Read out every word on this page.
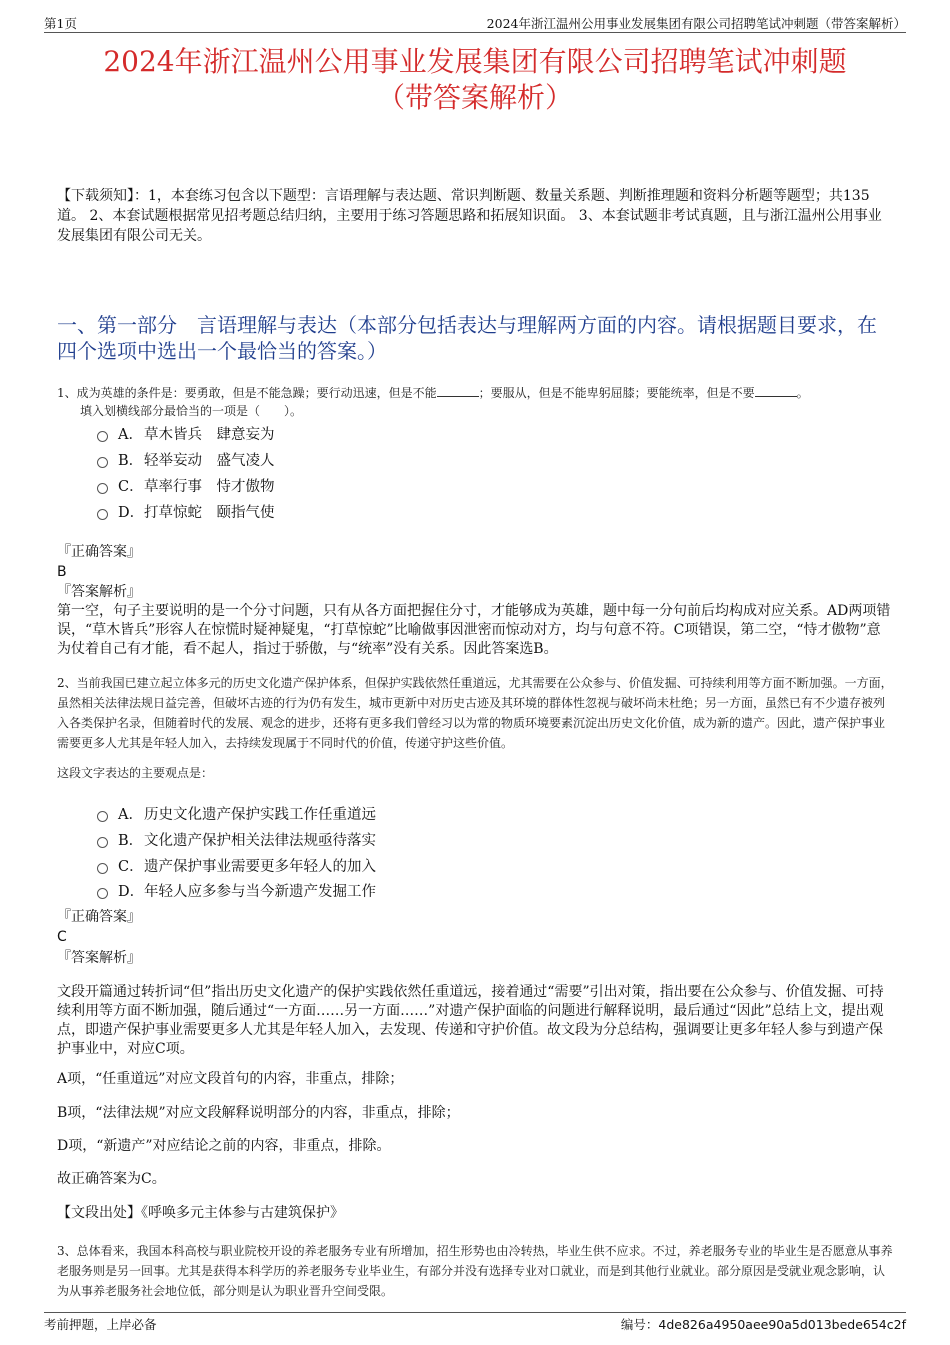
第1页	2024年浙江温州公用事业发展集团有限公司招聘笔试冲刺题（带答案解析）
2024年浙江温州公用事业发展集团有限公司招聘笔试冲刺题
（带答案解析）
【下载须知】：1，本套练习包含以下题型：言语理解与表达题、常识判断题、数量关系题、判断推理题和资料分析题等题型；共135道。 2、本套试题根据常见招考题总结归纳，主要用于练习答题思路和拓展知识面。 3、本套试题非考试真题，且与浙江温州公用事业发展集团有限公司无关。
一、第一部分　言语理解与表达（本部分包括表达与理解两方面的内容。请根据题目要求，在四个选项中选出一个最恰当的答案。）
1、成为英雄的条件是：要勇敢，但是不能急躁；要行动迅速，但是不能	；要服从，但是不能卑躬屈膝；要能统率，但是不要	。
填入划横线部分最恰当的一项是（　　）。
A． 草木皆兵　肆意妄为
B． 轻举妄动　盛气凌人
C． 草率行事　恃才傲物
D． 打草惊蛇　颐指气使
『正确答案』
B
『答案解析』
第一空，句子主要说明的是一个分寸问题，只有从各方面把握住分寸，才能够成为英雄，题中每一分句前后均构成对应关系。AD两项错误，“草木皆兵”形容人在惊慌时疑神疑鬼，“打草惊蛇”比喻做事因泄密而惊动对方，均与句意不符。C项错误，第二空，“恃才傲物”意为仗着自己有才能，看不起人，指过于骄傲，与“统率”没有关系。因此答案选B。
2、当前我国已建立起立体多元的历史文化遗产保护体系，但保护实践依然任重道远，尤其需要在公众参与、价值发掘、可持续利用等方面不断加强。一方面，虽然相关法律法规日益完善，但破坏古迹的行为仍有发生，城市更新中对历史古迹及其环境的群体性忽视与破坏尚未杜绝；另一方面，虽然已有不少遗存被列入各类保护名录，但随着时代的发展、观念的进步，还将有更多我们曾经习以为常的物质环境要素沉淀出历史文化价值，成为新的遗产。因此，遗产保护事业需要更多人尤其是年轻人加入，去持续发现属于不同时代的价值，传递守护这些价值。
这段文字表达的主要观点是：
A． 历史文化遗产保护实践工作任重道远
B． 文化遗产保护相关法律法规亟待落实
C． 遗产保护事业需要更多年轻人的加入
D． 年轻人应多参与当今新遗产发掘工作
『正确答案』
C
『答案解析』
文段开篇通过转折词“但”指出历史文化遗产的保护实践依然任重道远，接着通过“需要”引出对策，指出要在公众参与、价值发掘、可持续利用等方面不断加强，随后通过“一方面……另一方面……”对遗产保护面临的问题进行解释说明，最后通过“因此”总结上文，提出观点，即遗产保护事业需要更多人尤其是年轻人加入，去发现、传递和守护价值。故文段为分总结构，强调要让更多年轻人参与到遗产保护事业中，对应C项。
A项，“任重道远”对应文段首句的内容，非重点，排除；
B项，“法律法规”对应文段解释说明部分的内容，非重点，排除；
D项，“新遗产”对应结论之前的内容，非重点，排除。
故正确答案为C。
【文段出处】《呼唤多元主体参与古建筑保护》
3、总体看来，我国本科高校与职业院校开设的养老服务专业有所增加，招生形势也由冷转热，毕业生供不应求。不过，养老服务专业的毕业生是否愿意从事养老服务则是另一回事。尤其是获得本科学历的养老服务专业毕业生，有部分并没有选择专业对口就业，而是到其他行业就业。部分原因是受就业观念影响，认为从事养老服务社会地位低，部分则是认为职业晋升空间受限。
考前押题，上岸必备	编号：4de826a4950aee90a5d013bede654c2f
